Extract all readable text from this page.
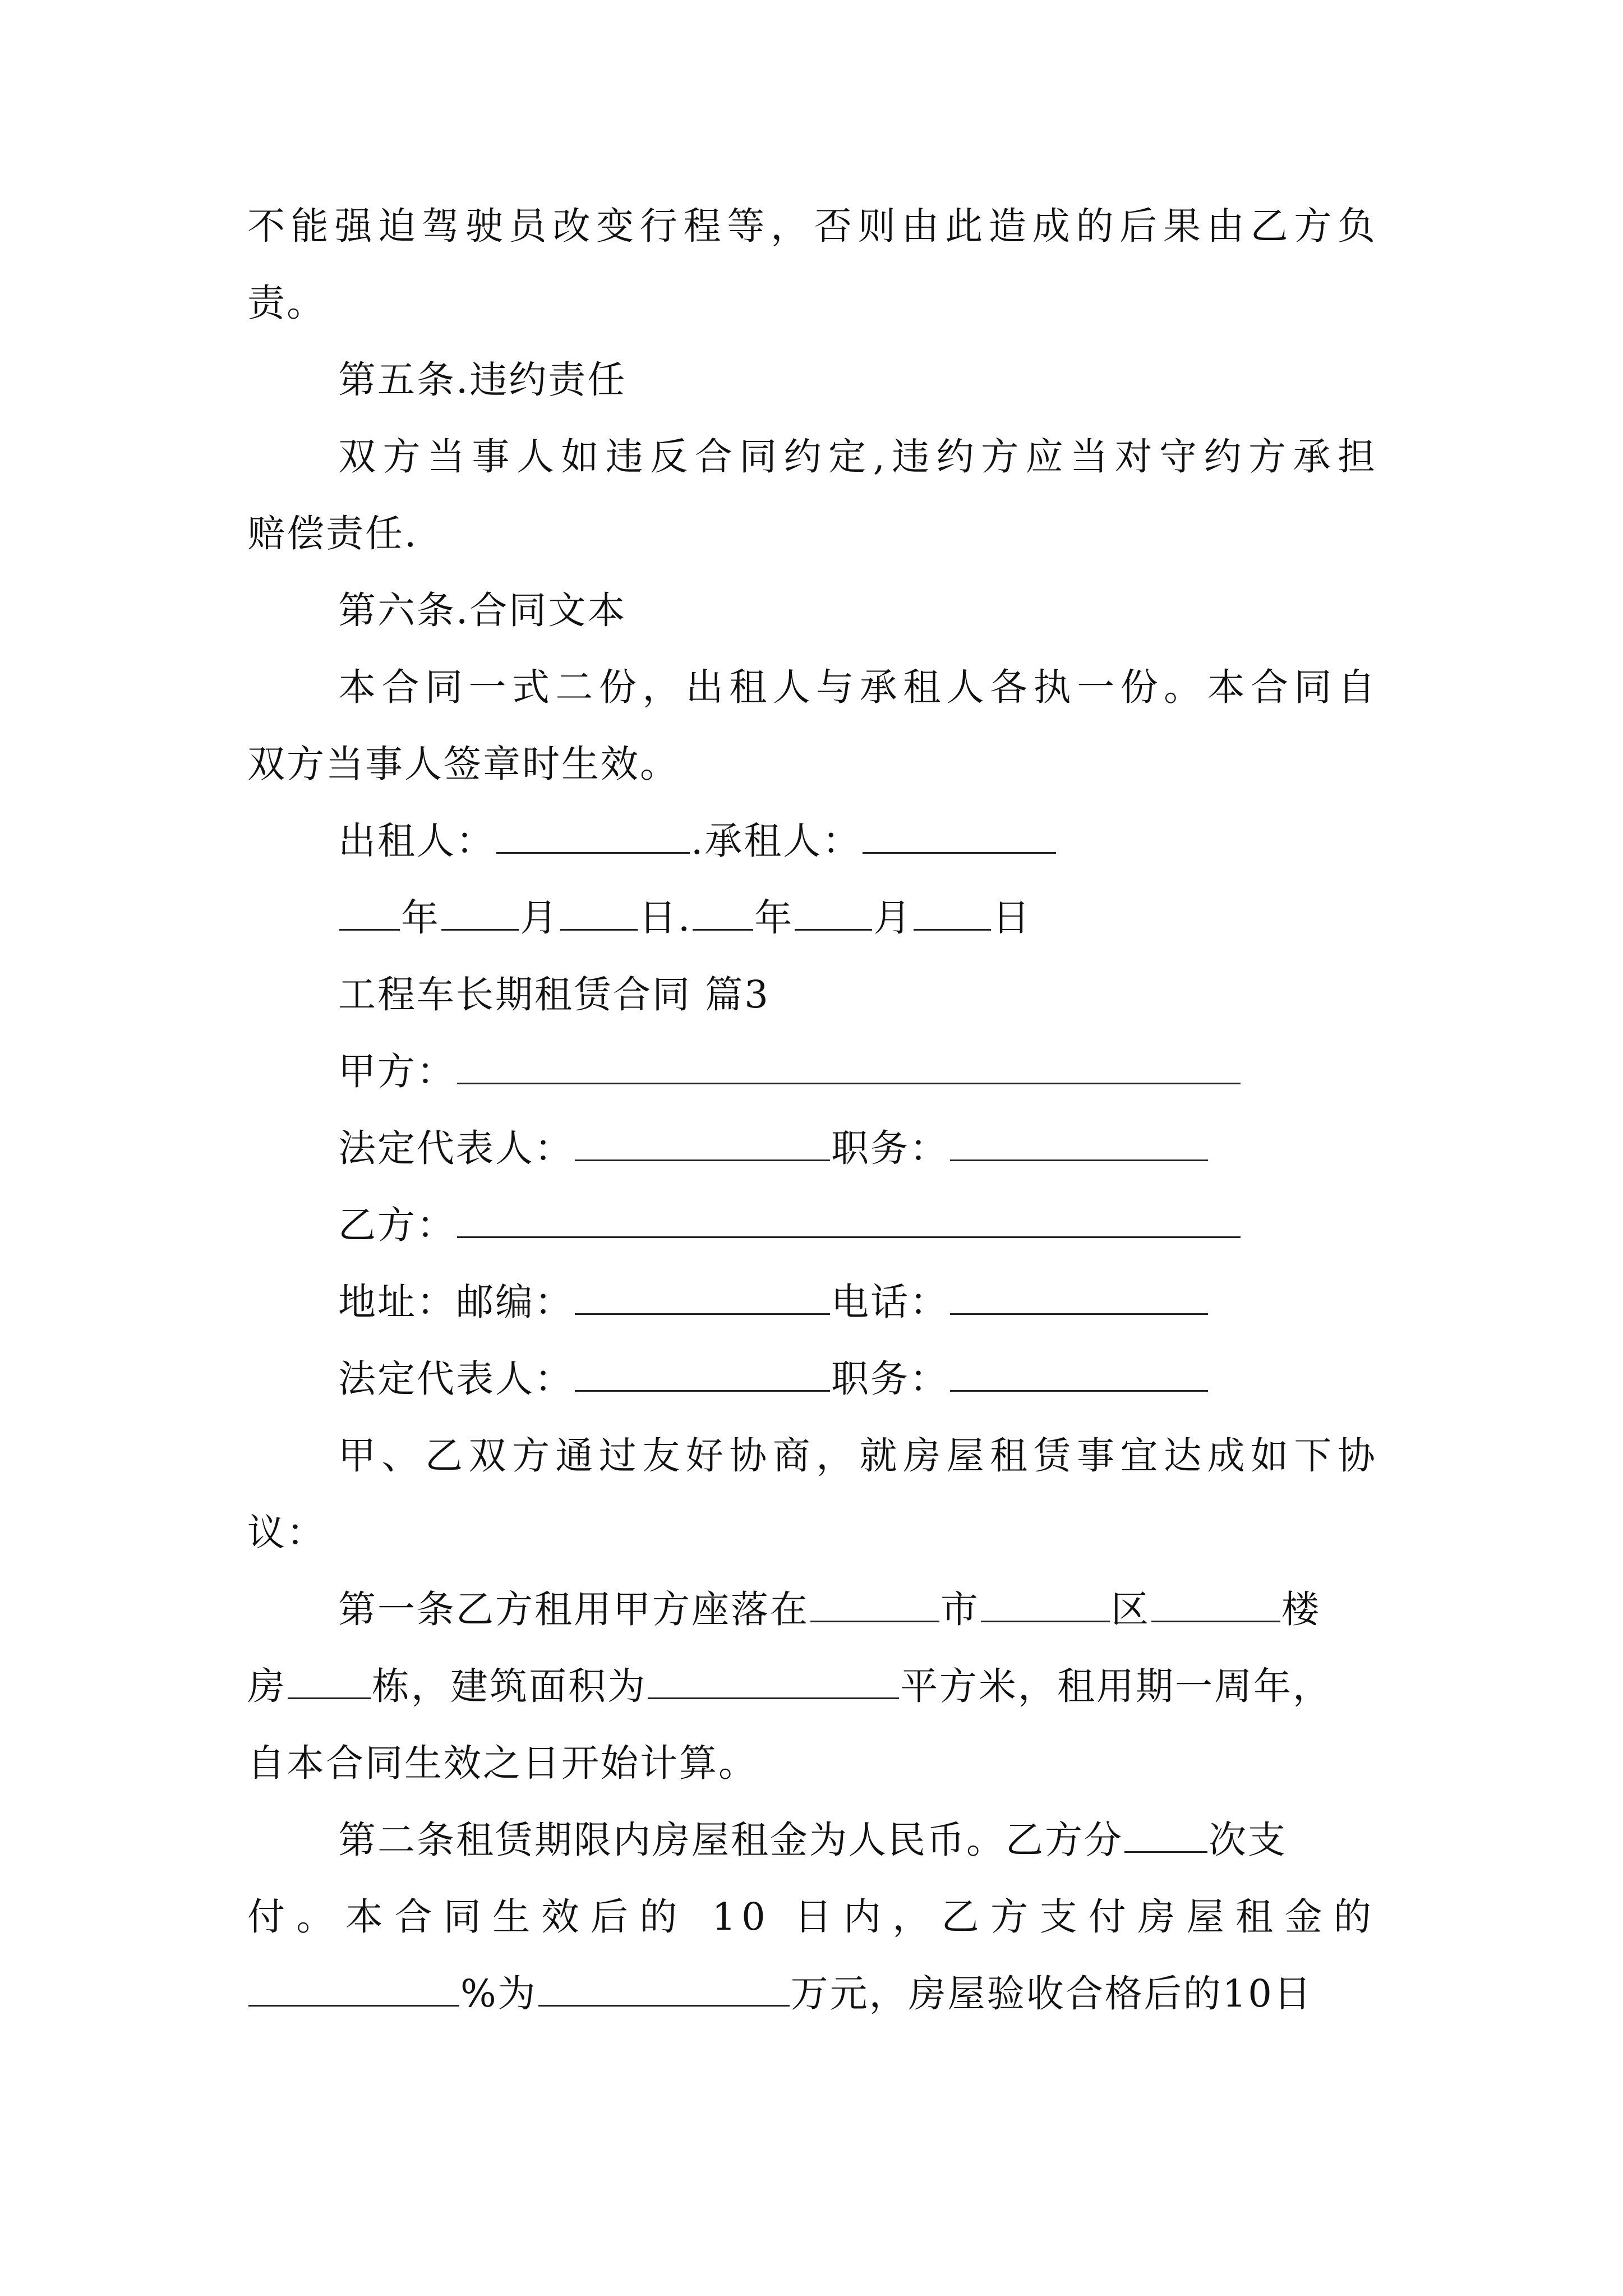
不能强迫驾驶员改变行程等，否则由此造成的后果由乙方负
责。
第五条.违约责任
双方当事人如违反合同约定,违约方应当对守约方承担
赔偿责任.
第六条.合同文本
本合同一式二份，出租人与承租人各执一份。本合同自
双方当事人签章时生效。
出租人：	.承租人：
年 月 日. 年 月 日
工程车长期租赁合同 篇3
甲方：
法定代表人：	职务：
乙方：
地址：邮编：	电话：
法定代表人：	职务：
甲、乙双方通过友好协商，就房屋租赁事宜达成如下协
议：
第一条乙方租用甲方座落在	市	区	楼
房 栋，建筑面积为	平方米，租用期一周年，
自本合同生效之日开始计算。
第二条租赁期限内房屋租金为人民币。乙方分 次支
付。本合同生效后的 10 日内，乙方支付房屋租金的
%为	万元，房屋验收合格后的10日
